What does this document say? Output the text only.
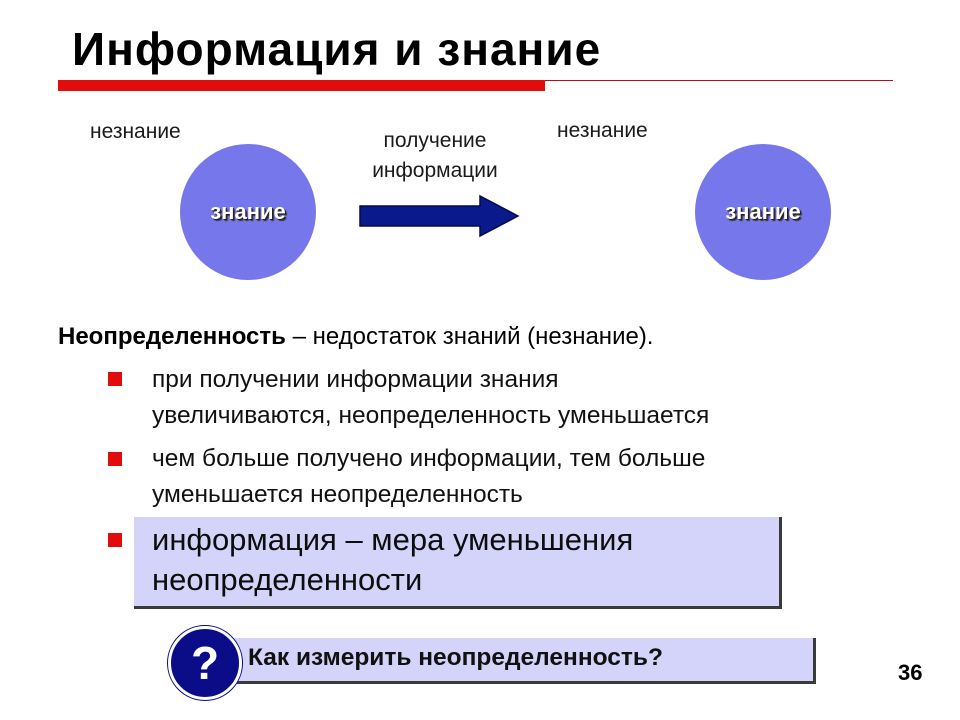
Информация и знание
незнание
знание
получение
информации
незнание
знание
Неопределенность – недостаток знаний (незнание).
при получении информации знания
увеличиваются, неопределенность уменьшается
чем больше получено информации, тем больше
уменьшается неопределенность
информация – мера уменьшения
неопределенности
Как измерить неопределенность?
?	36
